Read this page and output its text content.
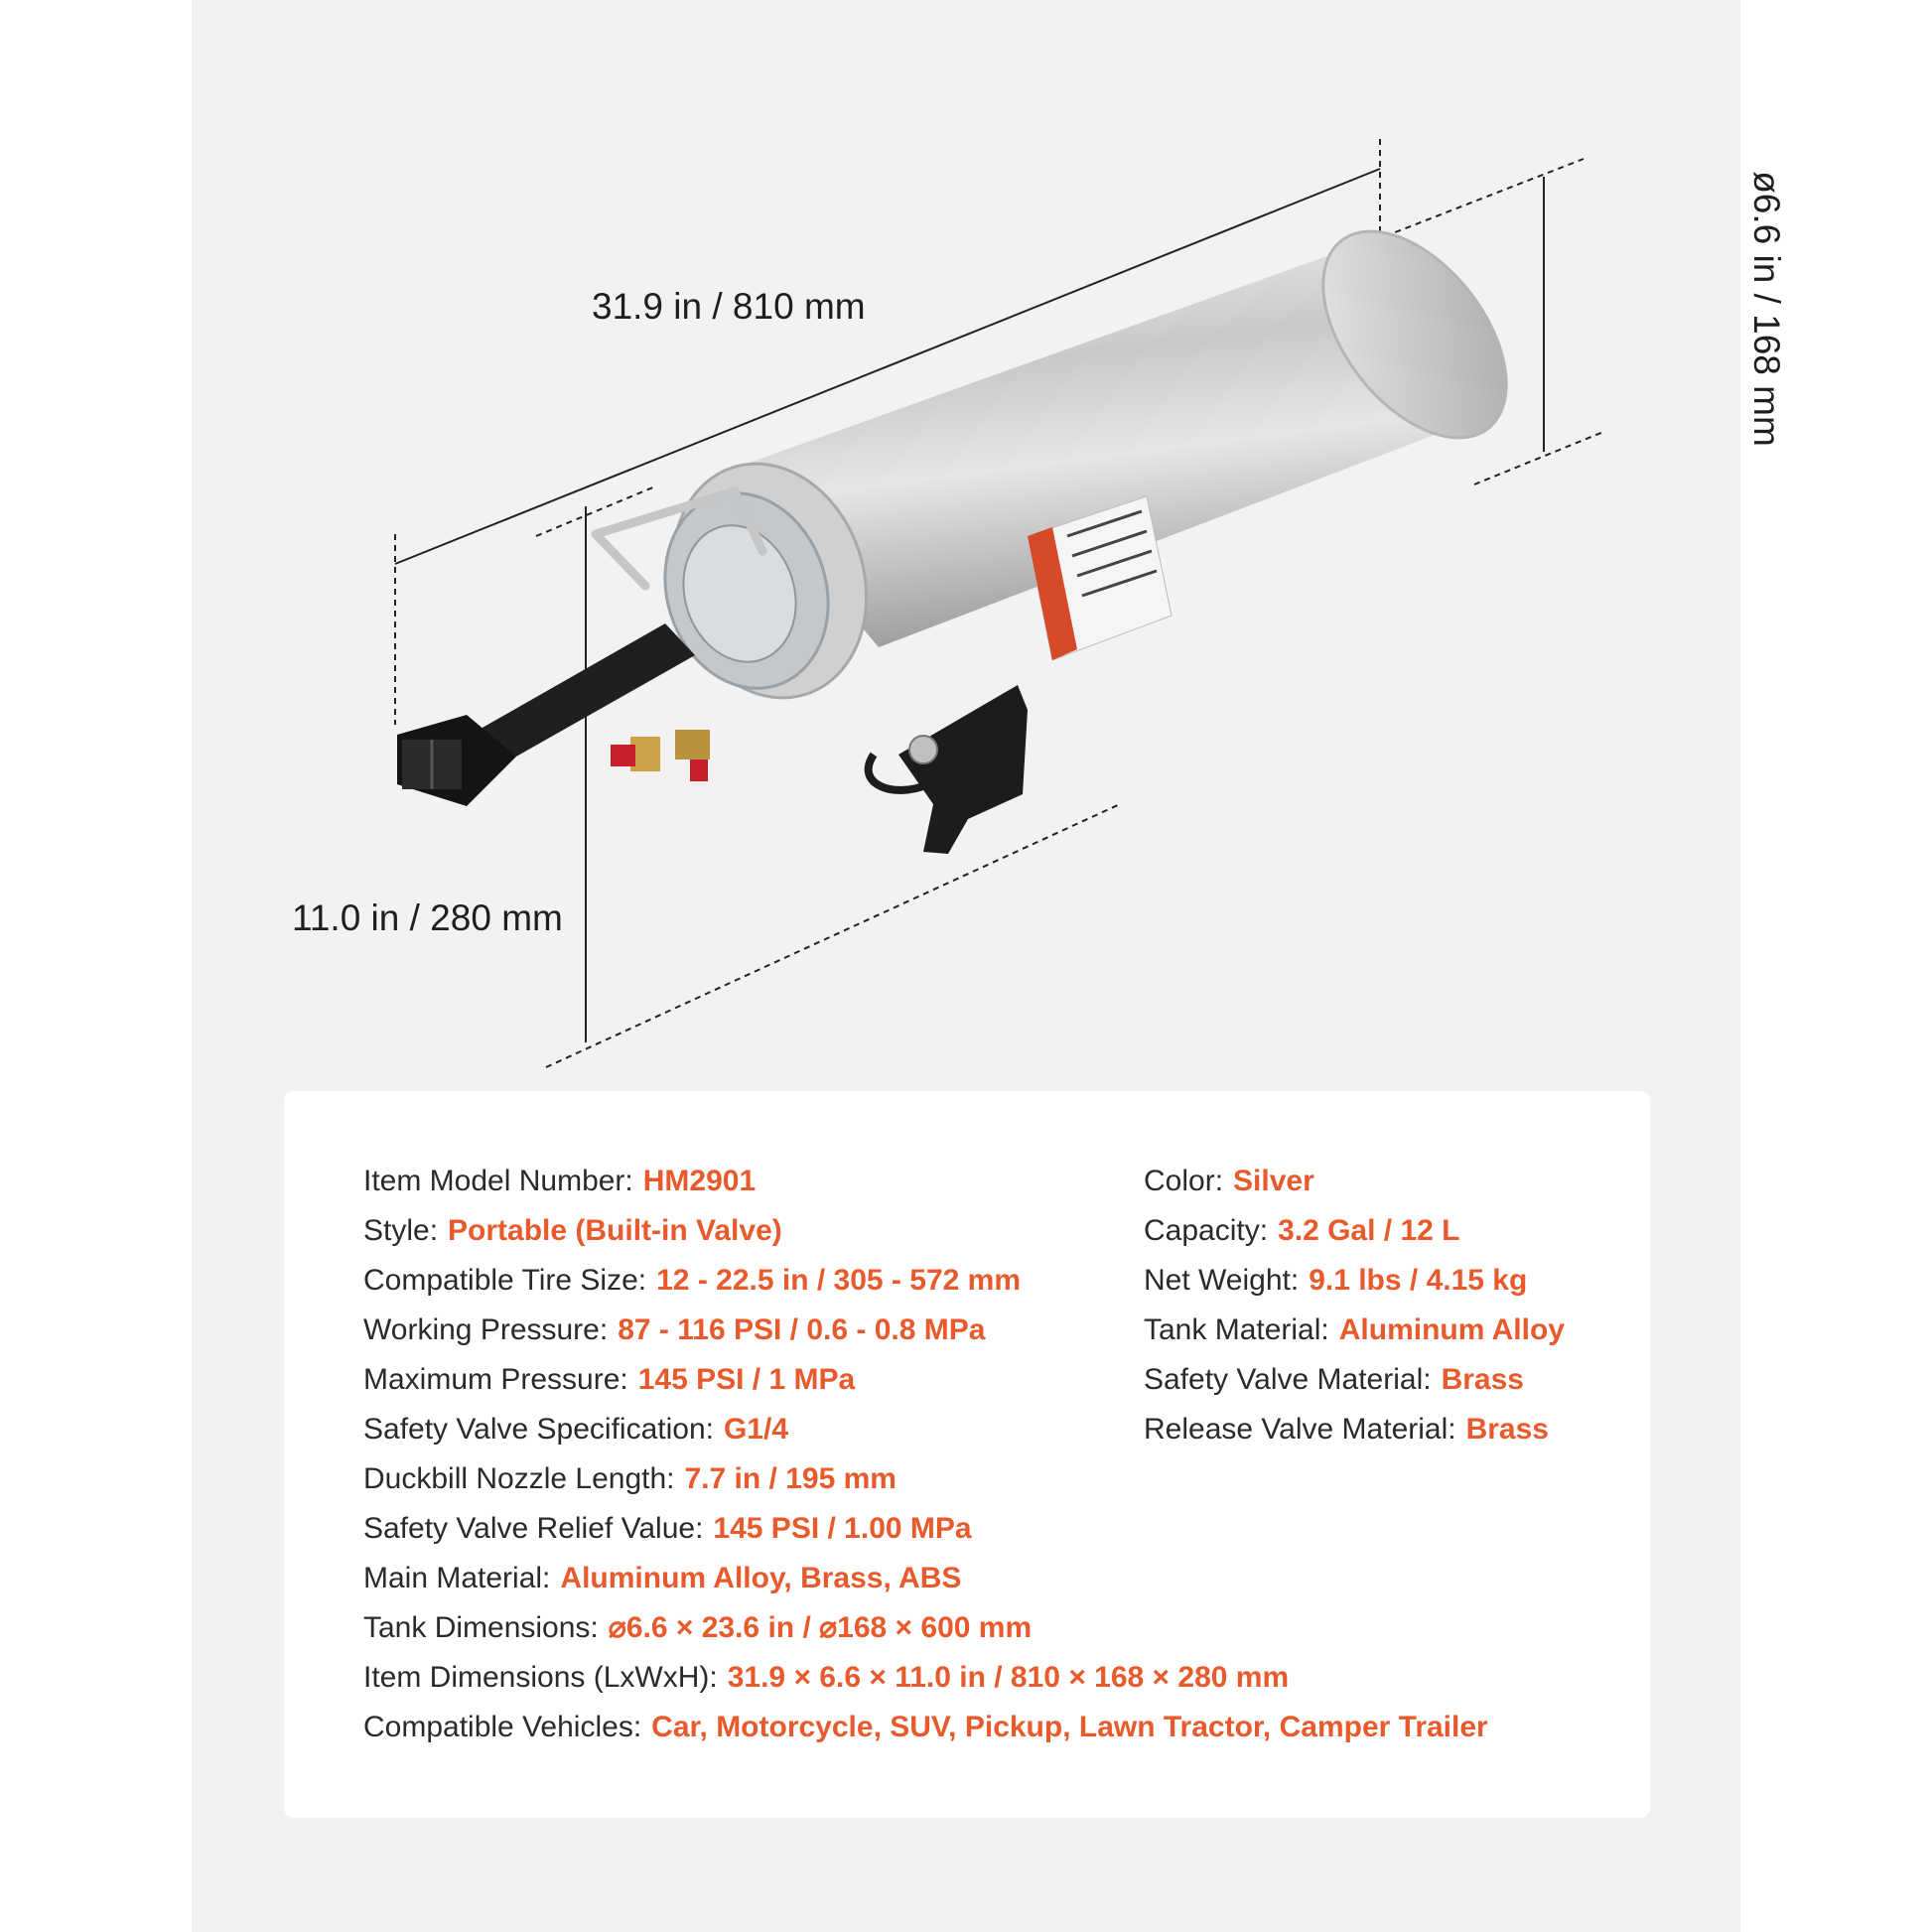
31.9 in / 810 mm
11.0 in / 280 mm
ø6.6 in / 168 mm
Item Model Number: HM2901
Style: Portable (Built-in Valve)
Compatible Tire Size: 12 - 22.5 in / 305 - 572 mm
Working Pressure: 87 - 116 PSI / 0.6 - 0.8 MPa
Maximum Pressure: 145 PSI / 1 MPa
Safety Valve Specification: G1/4
Duckbill Nozzle Length: 7.7 in / 195 mm
Safety Valve Relief Value: 145 PSI / 1.00 MPa
Main Material: Aluminum Alloy, Brass, ABS
Tank Dimensions: ⌀6.6 × 23.6 in / ⌀168 × 600 mm
Item Dimensions (LxWxH): 31.9 × 6.6 × 11.0 in / 810 × 168 × 280 mm
Compatible Vehicles: Car, Motorcycle, SUV, Pickup, Lawn Tractor, Camper Trailer
Color: Silver
Capacity: 3.2 Gal / 12 L
Net Weight: 9.1 lbs / 4.15 kg
Tank Material: Aluminum Alloy
Safety Valve Material: Brass
Release Valve Material: Brass
